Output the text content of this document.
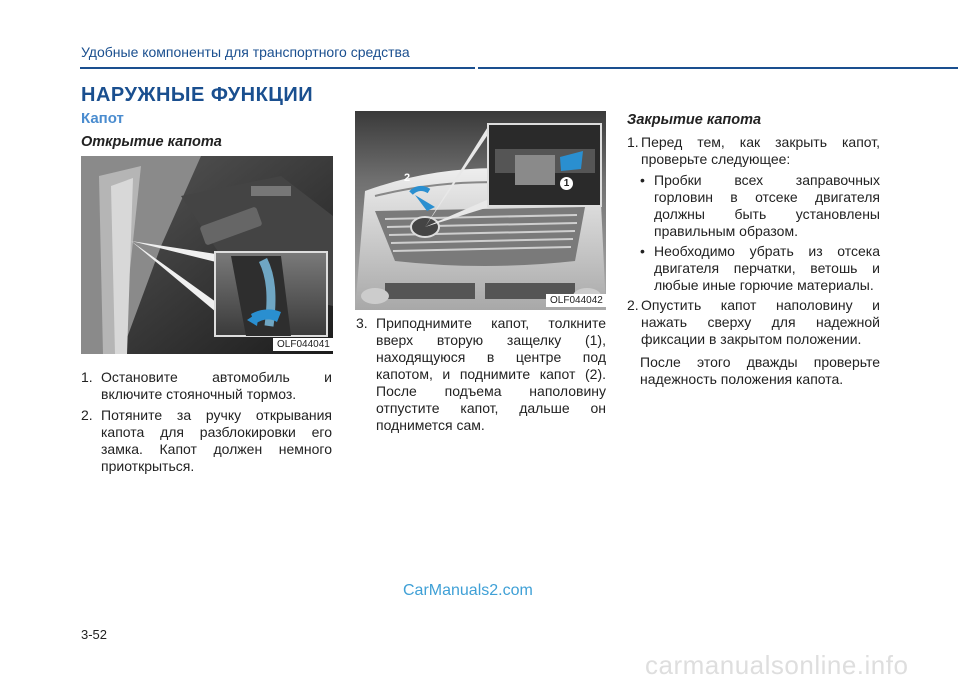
Удобные компоненты для транспортного средства
НАРУЖНЫЕ ФУНКЦИИ
Капот
Открытие капота
OLF044041
1. Остановите автомобиль и включите стояночный тормоз.
2. Потяните за ручку открывания капота для разблокировки его замка. Капот должен немного приоткрыться.
2	1
OLF044042
3. Приподнимите капот, толкните вверх вторую защелку (1), находящуюся в центре под капотом, и поднимите капот (2). После подъема наполовину отпустите капот, дальше он поднимется сам.
Закрытие капота
1. Перед тем, как закрыть капот, проверьте следующее:
• Пробки всех заправочных горловин в отсеке двигателя должны быть установлены правильным образом.
• Необходимо убрать из отсека двигателя перчатки, ветошь и любые иные горючие материалы.
2. Опустить капот наполовину и нажать сверху для надежной фиксации в закрытом положении.
После этого дважды проверьте надежность положения капота.
CarManuals2.com
3-52
carmanualsonline.info
